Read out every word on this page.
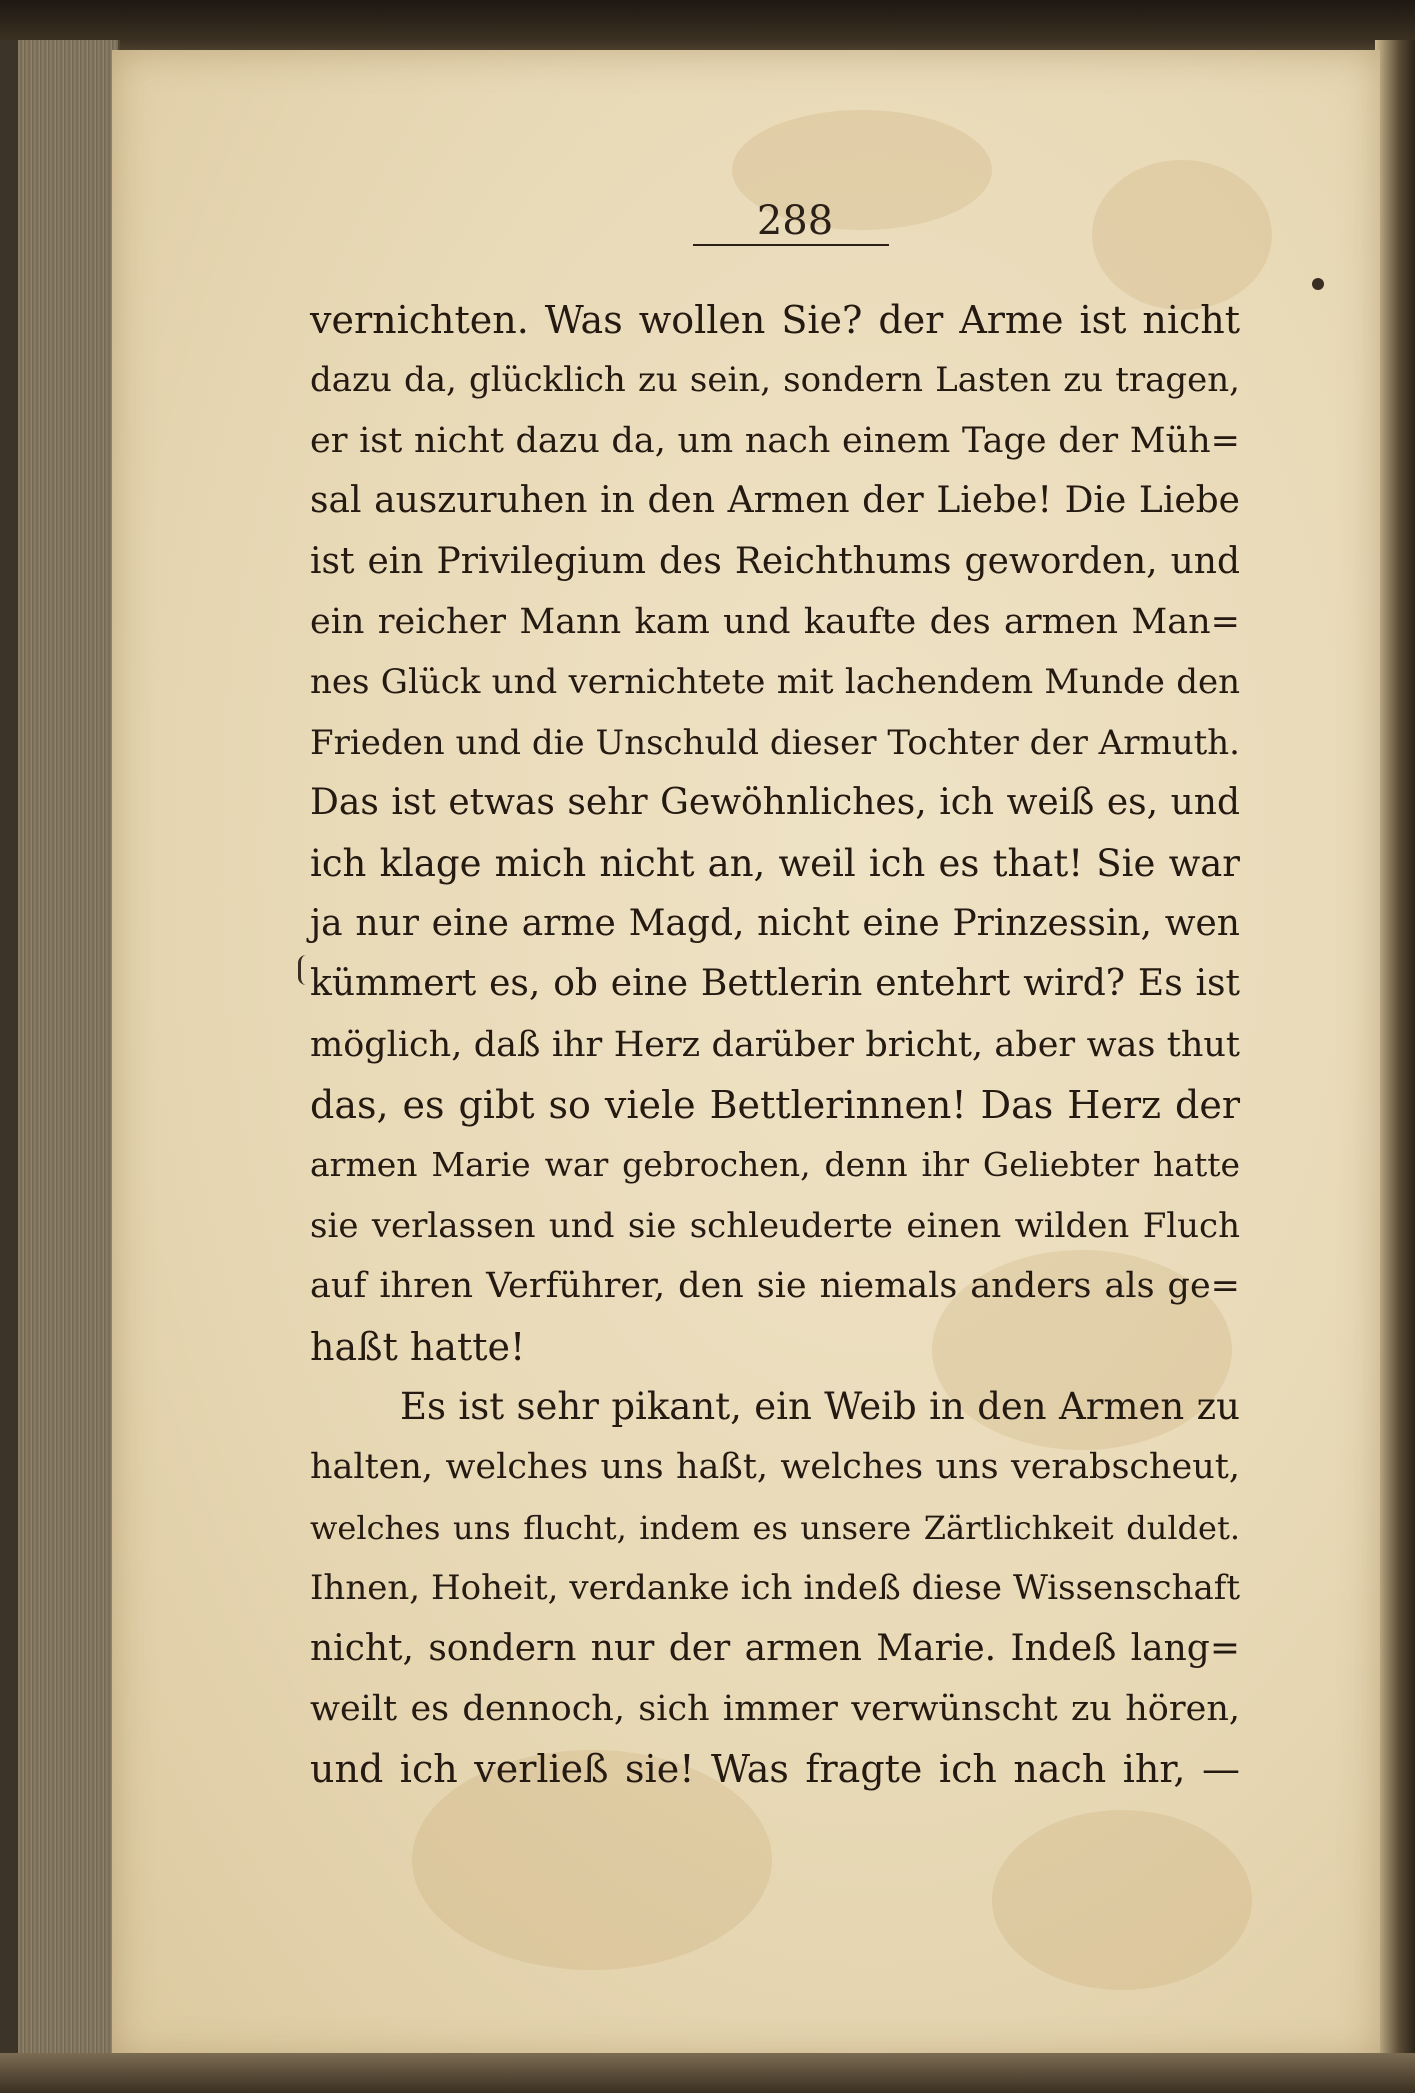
288
vernichten. Was wollen Sie? der Arme ist nicht
dazu da, glücklich zu sein, sondern Lasten zu tragen,
er ist nicht dazu da, um nach einem Tage der Müh=
sal auszuruhen in den Armen der Liebe! Die Liebe
ist ein Privilegium des Reichthums geworden, und
ein reicher Mann kam und kaufte des armen Man=
nes Glück und vernichtete mit lachendem Munde den
Frieden und die Unschuld dieser Tochter der Armuth.
Das ist etwas sehr Gewöhnliches, ich weiß es, und
ich klage mich nicht an, weil ich es that! Sie war
ja nur eine arme Magd, nicht eine Prinzessin, wen
kümmert es, ob eine Bettlerin entehrt wird? Es ist
möglich, daß ihr Herz darüber bricht, aber was thut
das, es gibt so viele Bettlerinnen! Das Herz der
armen Marie war gebrochen, denn ihr Geliebter hatte
sie verlassen und sie schleuderte einen wilden Fluch
auf ihren Verführer, den sie niemals anders als ge=
haßt hatte!
Es ist sehr pikant, ein Weib in den Armen zu
halten, welches uns haßt, welches uns verabscheut,
welches uns flucht, indem es unsere Zärtlichkeit duldet.
Ihnen, Hoheit, verdanke ich indeß diese Wissenschaft
nicht, sondern nur der armen Marie. Indeß lang=
weilt es dennoch, sich immer verwünscht zu hören,
und ich verließ sie! Was fragte ich nach ihr, —
